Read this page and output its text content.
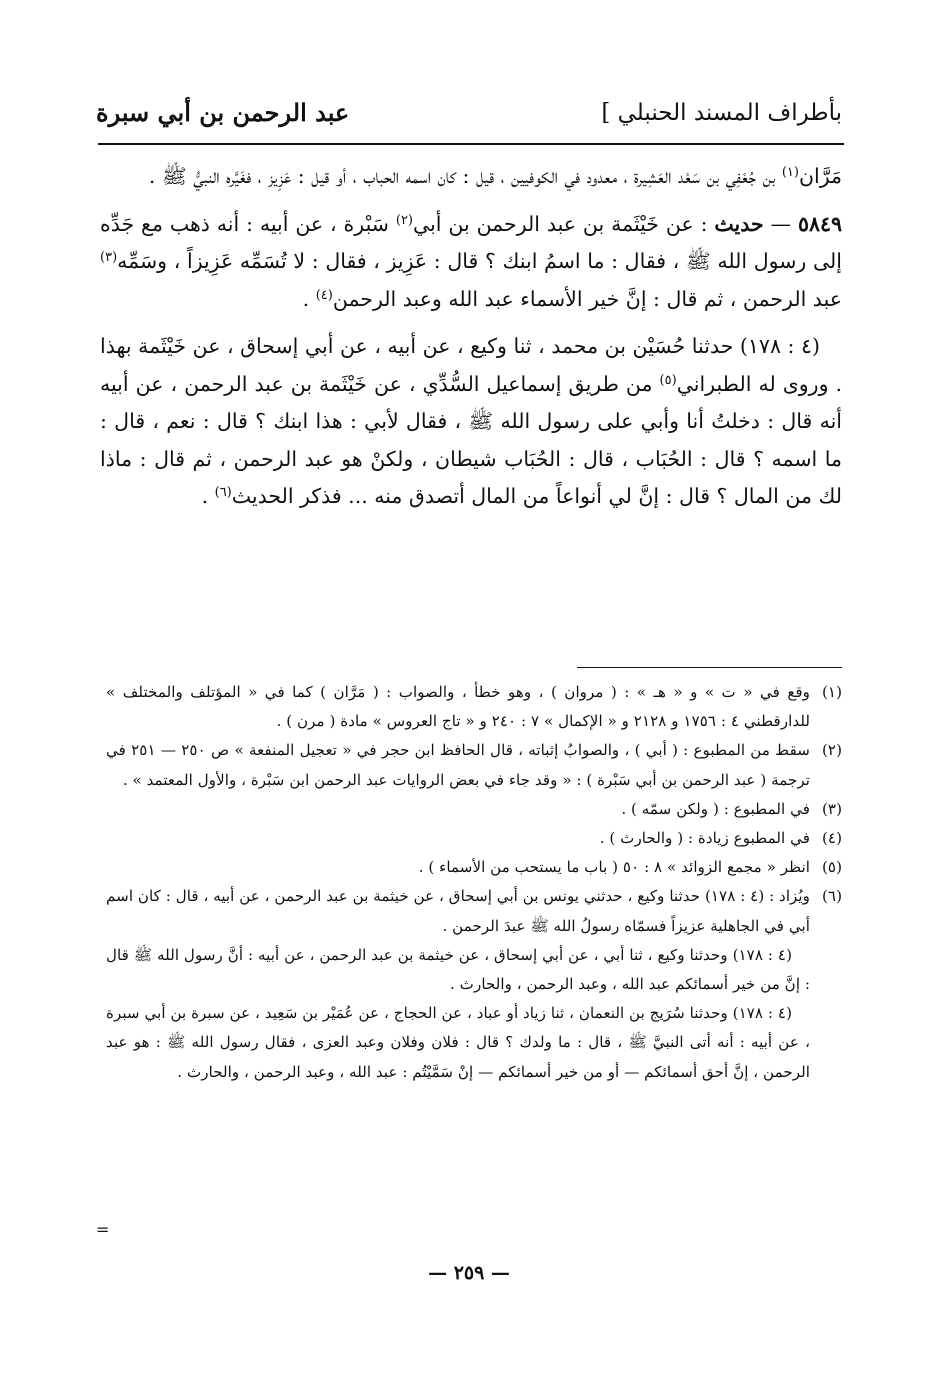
بأطراف المسند الحنبلي ]
عبد الرحمن بن أبي سبرة

مَرَّان$^{(١)}$ بن جُعْفِي بن سَعْد العَشِيرة ، معدود في الكوفيين ، قيل : كان اسمه الحباب ، أو قيل : عَزِيز ، فغَيَّره النبيُّ ﷺ .

٥٨٤٩ — حديث : عن خَيْثَمة بن عبد الرحمن بن أبي$^{(٢)}$ سَبْرة ، عن أبيه : أنه ذهب مع جَدِّه إلى رسول الله ﷺ ، فقال : ما اسمُ ابنك ؟ قال : عَزِيز ، فقال : لا تُسَمِّه عَزِيزاً ، وسَمِّه$^{(٣)}$ عبد الرحمن ، ثم قال : إنَّ خير الأسماء عبد الله وعبد الرحمن$^{(٤)}$ .

(٤ : ١٧٨) حدثنا حُسَيْن بن محمد ، ثنا وكيع ، عن أبيه ، عن أبي إسحاق ، عن خَيْثَمة بهذا . وروى له الطبراني$^{(٥)}$ من طريق إسماعيل السُّدِّي ، عن خَيْثَمة بن عبد الرحمن ، عن أبيه أنه قال : دخلتُ أنا وأبي على رسول الله ﷺ ، فقال لأبي : هذا ابنك ؟ قال : نعم ، قال : ما اسمه ؟ قال : الحُبَاب ، قال : الحُبَاب شيطان ، ولكنْ هو عبد الرحمن ، ثم قال : ماذا لك من المال ؟ قال : إنَّ لي أنواعاً من المال أتصدق منه ... فذكر الحديث$^{(٦)}$ .

(١)
وقع في « ت » و « هـ » : ( مروان ) ، وهو خطأ ، والصواب : ( مَرَّان ) كما في « المؤتلف والمختلف » للدارقطني ٤ : ١٧٥٦ و ٢١٢٨ و « الإكمال » ٧ : ٢٤٠ و « تاج العروس » مادة ( مرن ) .

(٢)
سقط من المطبوع : ( أبي ) ، والصوابُ إثباته ، قال الحافظ ابن حجر في « تعجيل المنفعة » ص ٢٥٠ — ٢٥١ في ترجمة ( عبد الرحمن بن أبي سَبْرة ) : « وقد جاء في بعض الروايات عبد الرحمن ابن سَبْرة ، والأول المعتمد » .

(٣)
في المطبوع : ( ولكن سمّه ) .

(٤)
في المطبوع زيادة : ( والحارث ) .

(٥)
انظر « مجمع الزوائد » ٨ : ٥٠ ( باب ما يستحب من الأسماء ) .

(٦)
ويُزاد : (٤ : ١٧٨) حدثنا وكيع ، حدثني يونس بن أبي إسحاق ، عن خيثمة بن عبد الرحمن ، عن أبيه ، قال : كان اسم أبي في الجاهلية عزيزاً فسمّاه رسولُ الله ﷺ عبدَ الرحمن .

(٤ : ١٧٨) وحدثنا وكيع ، ثنا أبي ، عن أبي إسحاق ، عن خيثمة بن عبد الرحمن ، عن أبيه : أنَّ رسول الله ﷺ قال : إنَّ من خير أسمائكم عبد الله ، وعبد الرحمن ، والحارث .

(٤ : ١٧٨) وحدثنا سُرَيج بن النعمان ، ثنا زياد أو عباد ، عن الحجاج ، عن عُمَيْر بن سَعِيد ، عن سبرة بن أبي سبرة ، عن أبيه : أنه أتى النبيَّ ﷺ ، قال : ما ولدك ؟ قال : فلان وفلان وعبد العزى ، فقال رسول الله ﷺ : هو عبد الرحمن ، إنَّ أحق أسمائكم — أو من خير أسمائكم — إنْ سَمَّيْتُم : عبد الله ، وعبد الرحمن ، والحارث .

=
— ٢٥٩ —
